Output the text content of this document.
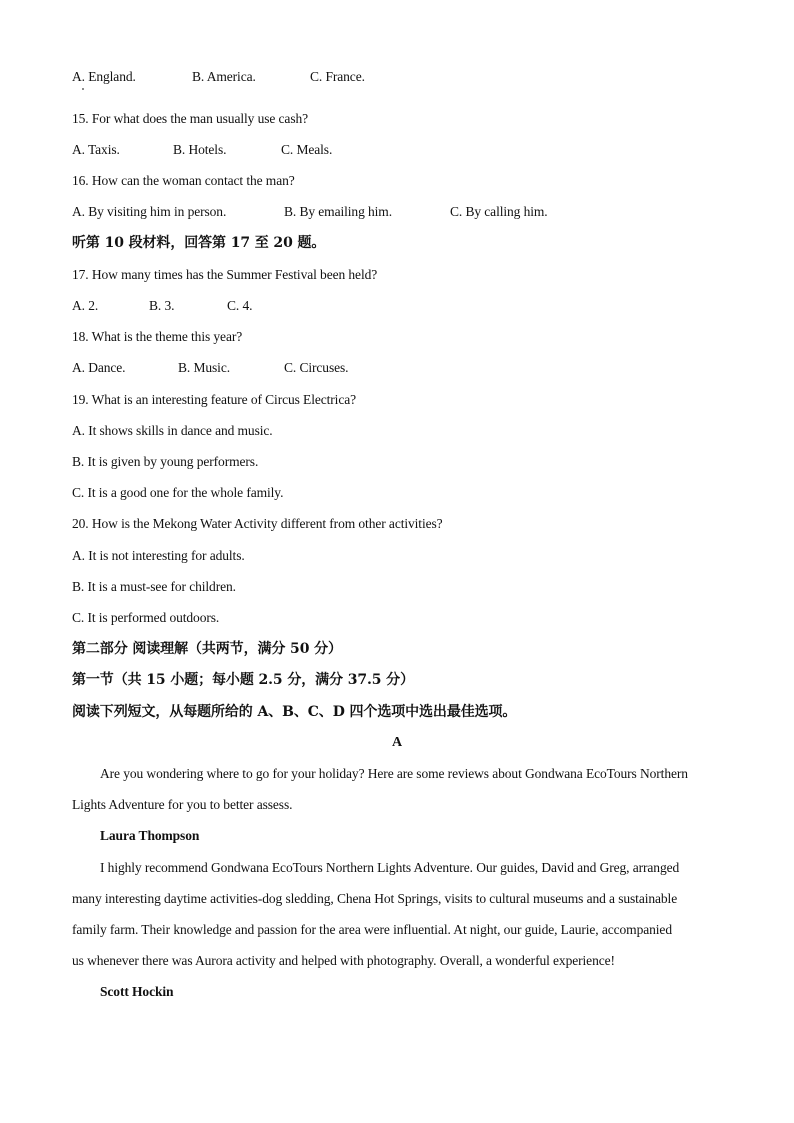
A. England.	B. America.	C. France.
15. For what does the man usually use cash?
A. Taxis.	B. Hotels.	C. Meals.
16. How can the woman contact the man?
A. By visiting him in person.	B. By emailing him.	C. By calling him.
听第 10 段材料，回答第 17 至 20 题。
17. How many times has the Summer Festival been held?
A. 2.	B. 3.	C. 4.
18. What is the theme this year?
A. Dance.	B. Music.	C. Circuses.
19. What is an interesting feature of Circus Electrica?
A. It shows skills in dance and music.
B. It is given by young performers.
C. It is a good one for the whole family.
20. How is the Mekong Water Activity different from other activities?
A. It is not interesting for adults.
B. It is a must-see for children.
C. It is performed outdoors.
第二部分 阅读理解（共两节，满分 50 分）
第一节（共 15 小题；每小题 2.5 分，满分 37.5 分）
阅读下列短文，从每题所给的 A、B、C、D 四个选项中选出最佳选项。
A
Are you wondering where to go for your holiday? Here are some reviews about Gondwana EcoTours Northern
Lights Adventure for you to better assess.
Laura Thompson
I highly recommend Gondwana EcoTours Northern Lights Adventure. Our guides, David and Greg, arranged
many interesting daytime activities-dog sledding, Chena Hot Springs, visits to cultural museums and a sustainable
family farm. Their knowledge and passion for the area were influential. At night, our guide, Laurie, accompanied
us whenever there was Aurora activity and helped with photography. Overall, a wonderful experience!
Scott Hockin
